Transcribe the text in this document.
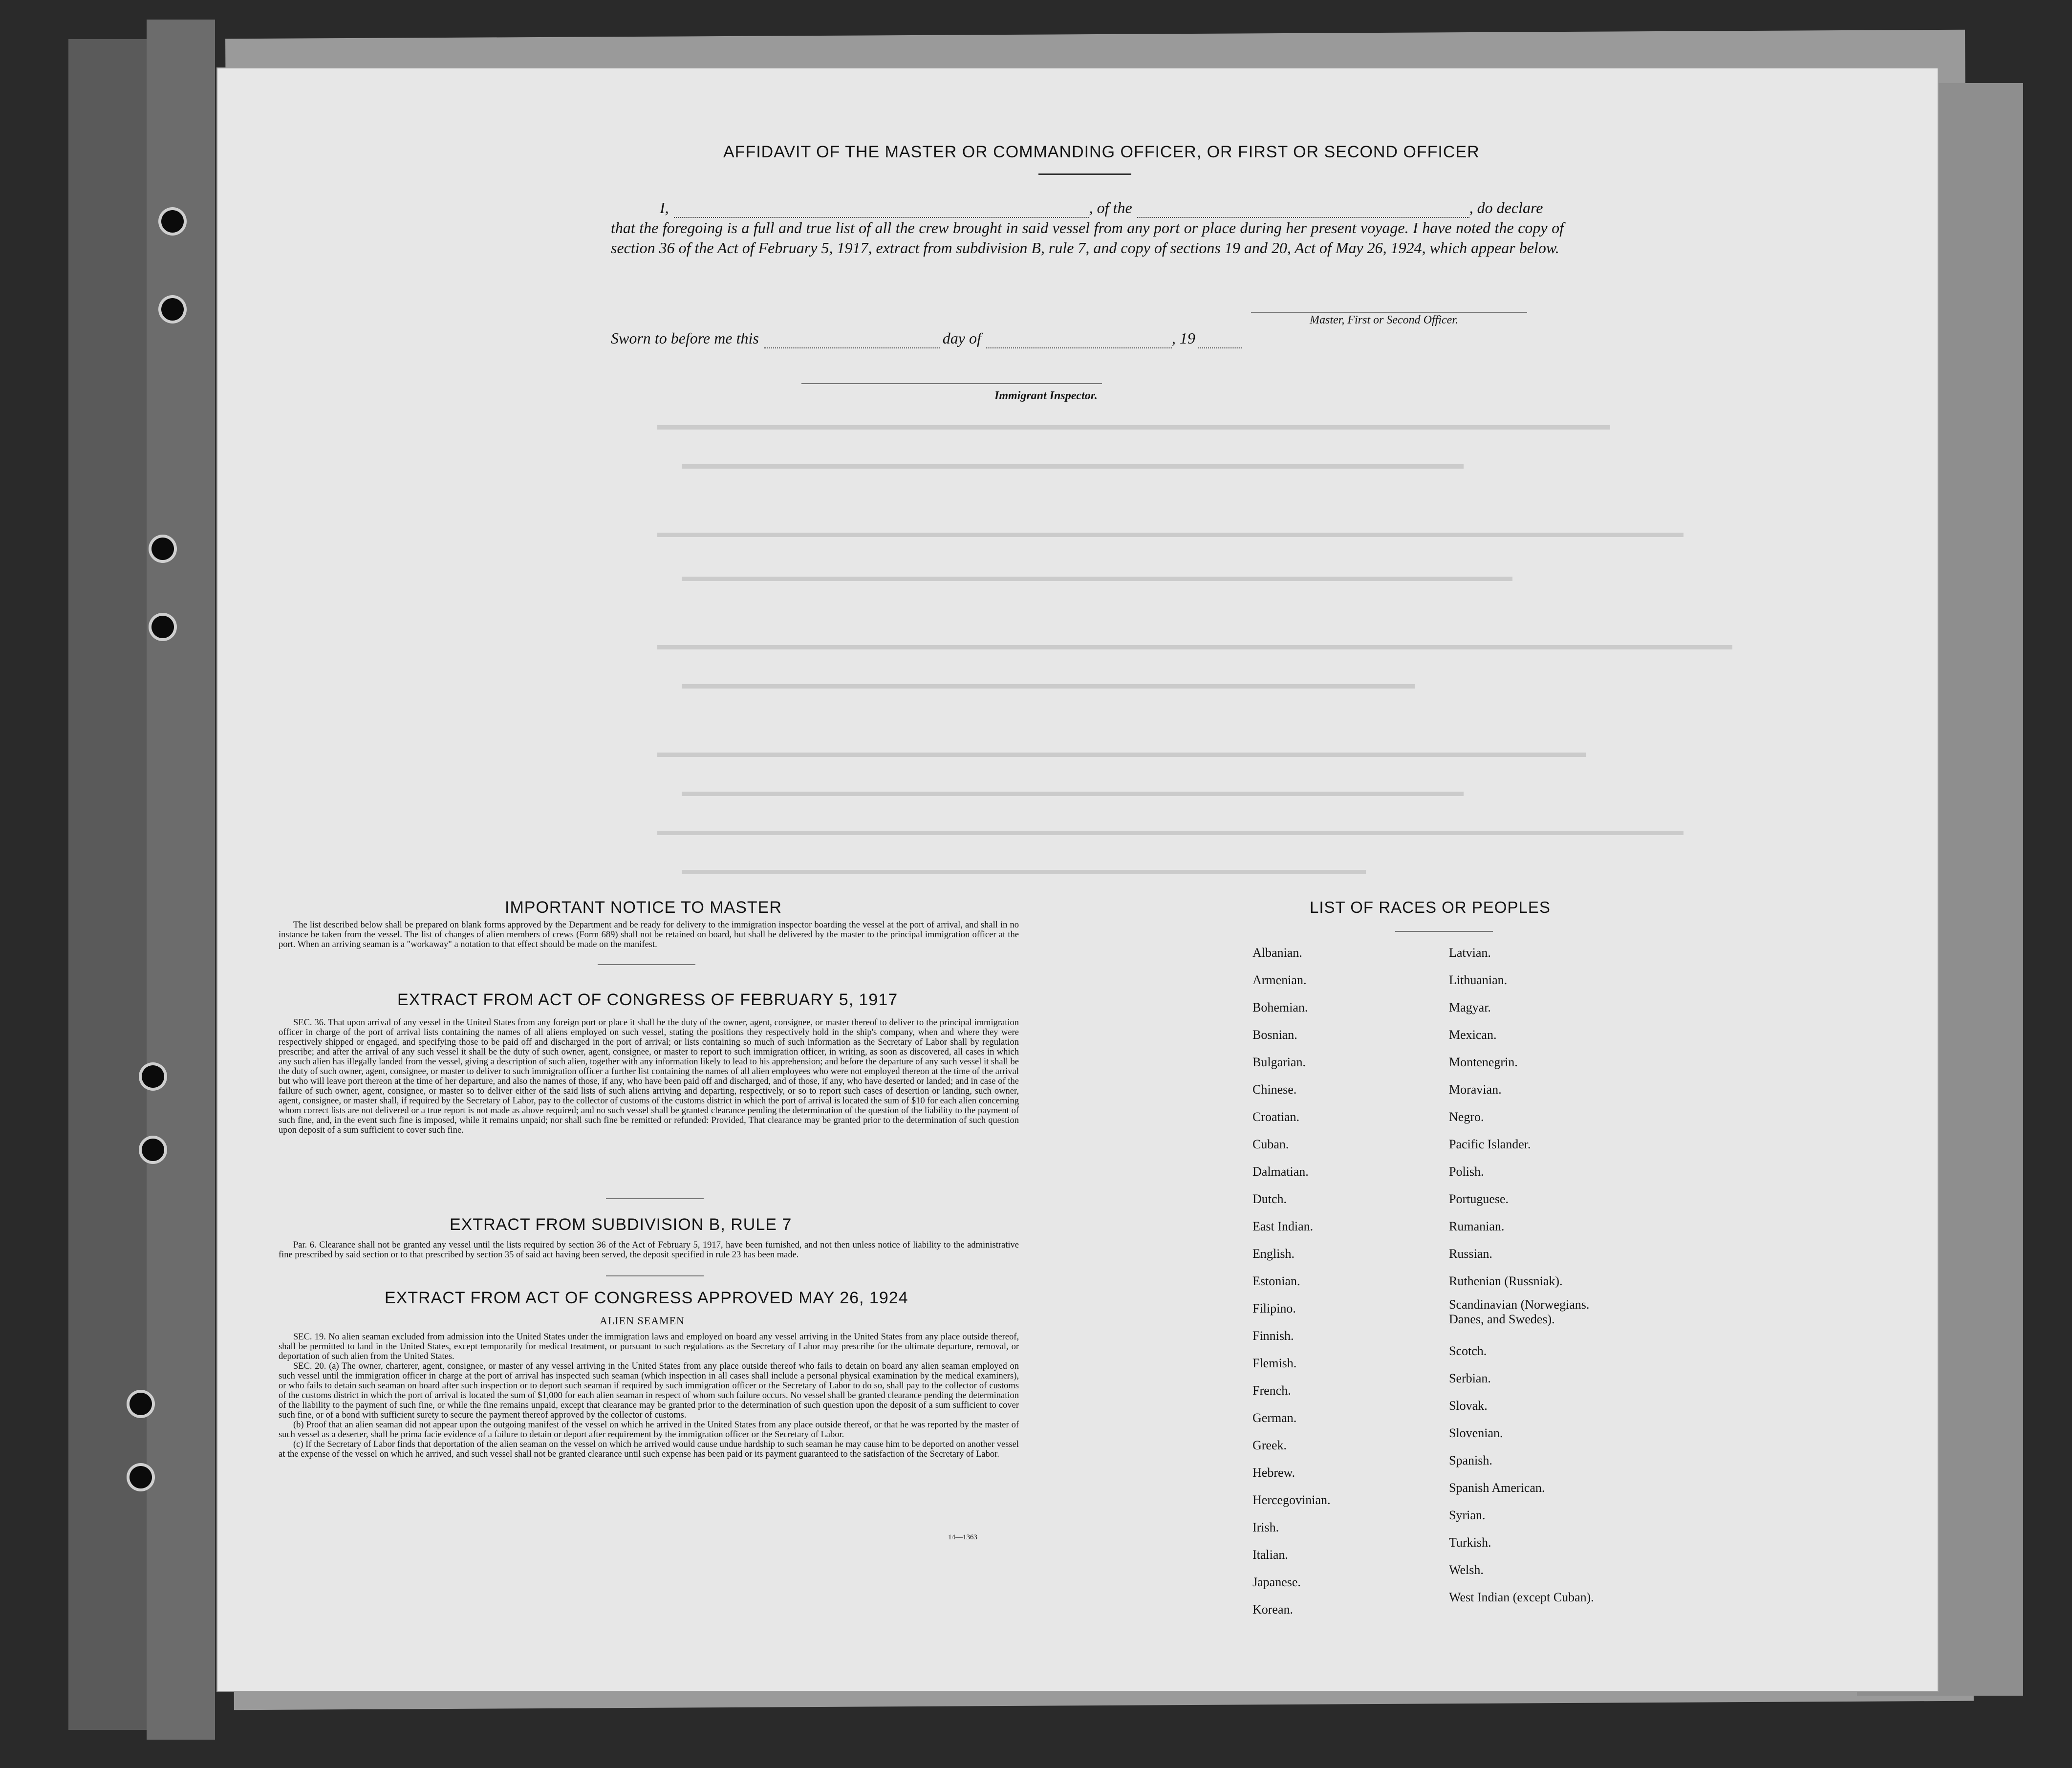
AFFIDAVIT OF THE MASTER OR COMMANDING OFFICER, OR FIRST OR SECOND OFFICER
I,	, of the	, do declare
that the foregoing is a full and true list of all the crew brought in said vessel from any port or place during her present voyage. I have noted the copy of section 36 of the Act of February 5, 1917, extract from subdivision B, rule 7, and copy of sections 19 and 20, Act of May 26, 1924, which appear below.
Master, First or Second Officer.
Sworn to before me this	day of	, 19
Immigrant Inspector.
IMPORTANT NOTICE TO MASTER

The list described below shall be prepared on blank forms approved by the Department and be ready for delivery to the immigration inspector boarding the vessel at the port of arrival, and shall in no instance be taken from the vessel. The list of changes of alien members of crews (Form 689) shall not be retained on board, but shall be delivered by the master to the principal immigration officer at the port. When an arriving seaman is a "workaway" a notation to that effect should be made on the manifest.

EXTRACT FROM ACT OF CONGRESS OF FEBRUARY 5, 1917

SEC. 36. That upon arrival of any vessel in the United States from any foreign port or place it shall be the duty of the owner, agent, consignee, or master thereof to deliver to the principal immigration officer in charge of the port of arrival lists containing the names of all aliens employed on such vessel, stating the positions they respectively hold in the ship's company, when and where they were respectively shipped or engaged, and specifying those to be paid off and discharged in the port of arrival; or lists containing so much of such information as the Secretary of Labor shall by regulation prescribe; and after the arrival of any such vessel it shall be the duty of such owner, agent, consignee, or master to report to such immigration officer, in writing, as soon as discovered, all cases in which any such alien has illegally landed from the vessel, giving a description of such alien, together with any information likely to lead to his apprehension; and before the departure of any such vessel it shall be the duty of such owner, agent, consignee, or master to deliver to such immigration officer a further list containing the names of all alien employees who were not employed thereon at the time of the arrival but who will leave port thereon at the time of her departure, and also the names of those, if any, who have been paid off and discharged, and of those, if any, who have deserted or landed; and in case of the failure of such owner, agent, consignee, or master so to deliver either of the said lists of such aliens arriving and departing, respectively, or so to report such cases of desertion or landing, such owner, agent, consignee, or master shall, if required by the Secretary of Labor, pay to the collector of customs of the customs district in which the port of arrival is located the sum of $10 for each alien concerning whom correct lists are not delivered or a true report is not made as above required; and no such vessel shall be granted clearance pending the determination of the question of the liability to the payment of such fine, and, in the event such fine is imposed, while it remains unpaid; nor shall such fine be remitted or refunded: Provided, That clearance may be granted prior to the determination of such question upon deposit of a sum sufficient to cover such fine.

EXTRACT FROM SUBDIVISION B, RULE 7

Par. 6. Clearance shall not be granted any vessel until the lists required by section 36 of the Act of February 5, 1917, have been furnished, and not then unless notice of liability to the administrative fine prescribed by said section or to that prescribed by section 35 of said act having been served, the deposit specified in rule 23 has been made.

EXTRACT FROM ACT OF CONGRESS APPROVED MAY 26, 1924
ALIEN SEAMEN

SEC. 19. No alien seaman excluded from admission into the United States under the immigration laws and employed on board any vessel arriving in the United States from any place outside thereof, shall be permitted to land in the United States, except temporarily for medical treatment, or pursuant to such regulations as the Secretary of Labor may prescribe for the ultimate departure, removal, or deportation of such alien from the United States.

SEC. 20. (a) The owner, charterer, agent, consignee, or master of any vessel arriving in the United States from any place outside thereof who fails to detain on board any alien seaman employed on such vessel until the immigration officer in charge at the port of arrival has inspected such seaman (which inspection in all cases shall include a personal physical examination by the medical examiners), or who fails to detain such seaman on board after such inspection or to deport such seaman if required by such immigration officer or the Secretary of Labor to do so, shall pay to the collector of customs of the customs district in which the port of arrival is located the sum of $1,000 for each alien seaman in respect of whom such failure occurs. No vessel shall be granted clearance pending the determination of the liability to the payment of such fine, or while the fine remains unpaid, except that clearance may be granted prior to the determination of such question upon the deposit of a sum sufficient to cover such fine, or of a bond with sufficient surety to secure the payment thereof approved by the collector of customs.

(b) Proof that an alien seaman did not appear upon the outgoing manifest of the vessel on which he arrived in the United States from any place outside thereof, or that he was reported by the master of such vessel as a deserter, shall be prima facie evidence of a failure to detain or deport after requirement by the immigration officer or the Secretary of Labor.

(c) If the Secretary of Labor finds that deportation of the alien seaman on the vessel on which he arrived would cause undue hardship to such seaman he may cause him to be deported on another vessel at the expense of the vessel on which he arrived, and such vessel shall not be granted clearance until such expense has been paid or its payment guaranteed to the satisfaction of the Secretary of Labor.

14—1363
LIST OF RACES OR PEOPLES
Albanian.
Armenian.
Bohemian.
Bosnian.
Bulgarian.
Chinese.
Croatian.
Cuban.
Dalmatian.
Dutch.
East Indian.
English.
Estonian.
Filipino.
Finnish.
Flemish.
French.
German.
Greek.
Hebrew.
Hercegovinian.
Irish.
Italian.
Japanese.
Korean.
Latvian.
Lithuanian.
Magyar.
Mexican.
Montenegrin.
Moravian.
Negro.
Pacific Islander.
Polish.
Portuguese.
Rumanian.
Russian.
Ruthenian (Russniak).
Scandinavian (Norwegians.
Danes, and Swedes).
Scotch.
Serbian.
Slovak.
Slovenian.
Spanish.
Spanish American.
Syrian.
Turkish.
Welsh.
West Indian (except Cuban).
